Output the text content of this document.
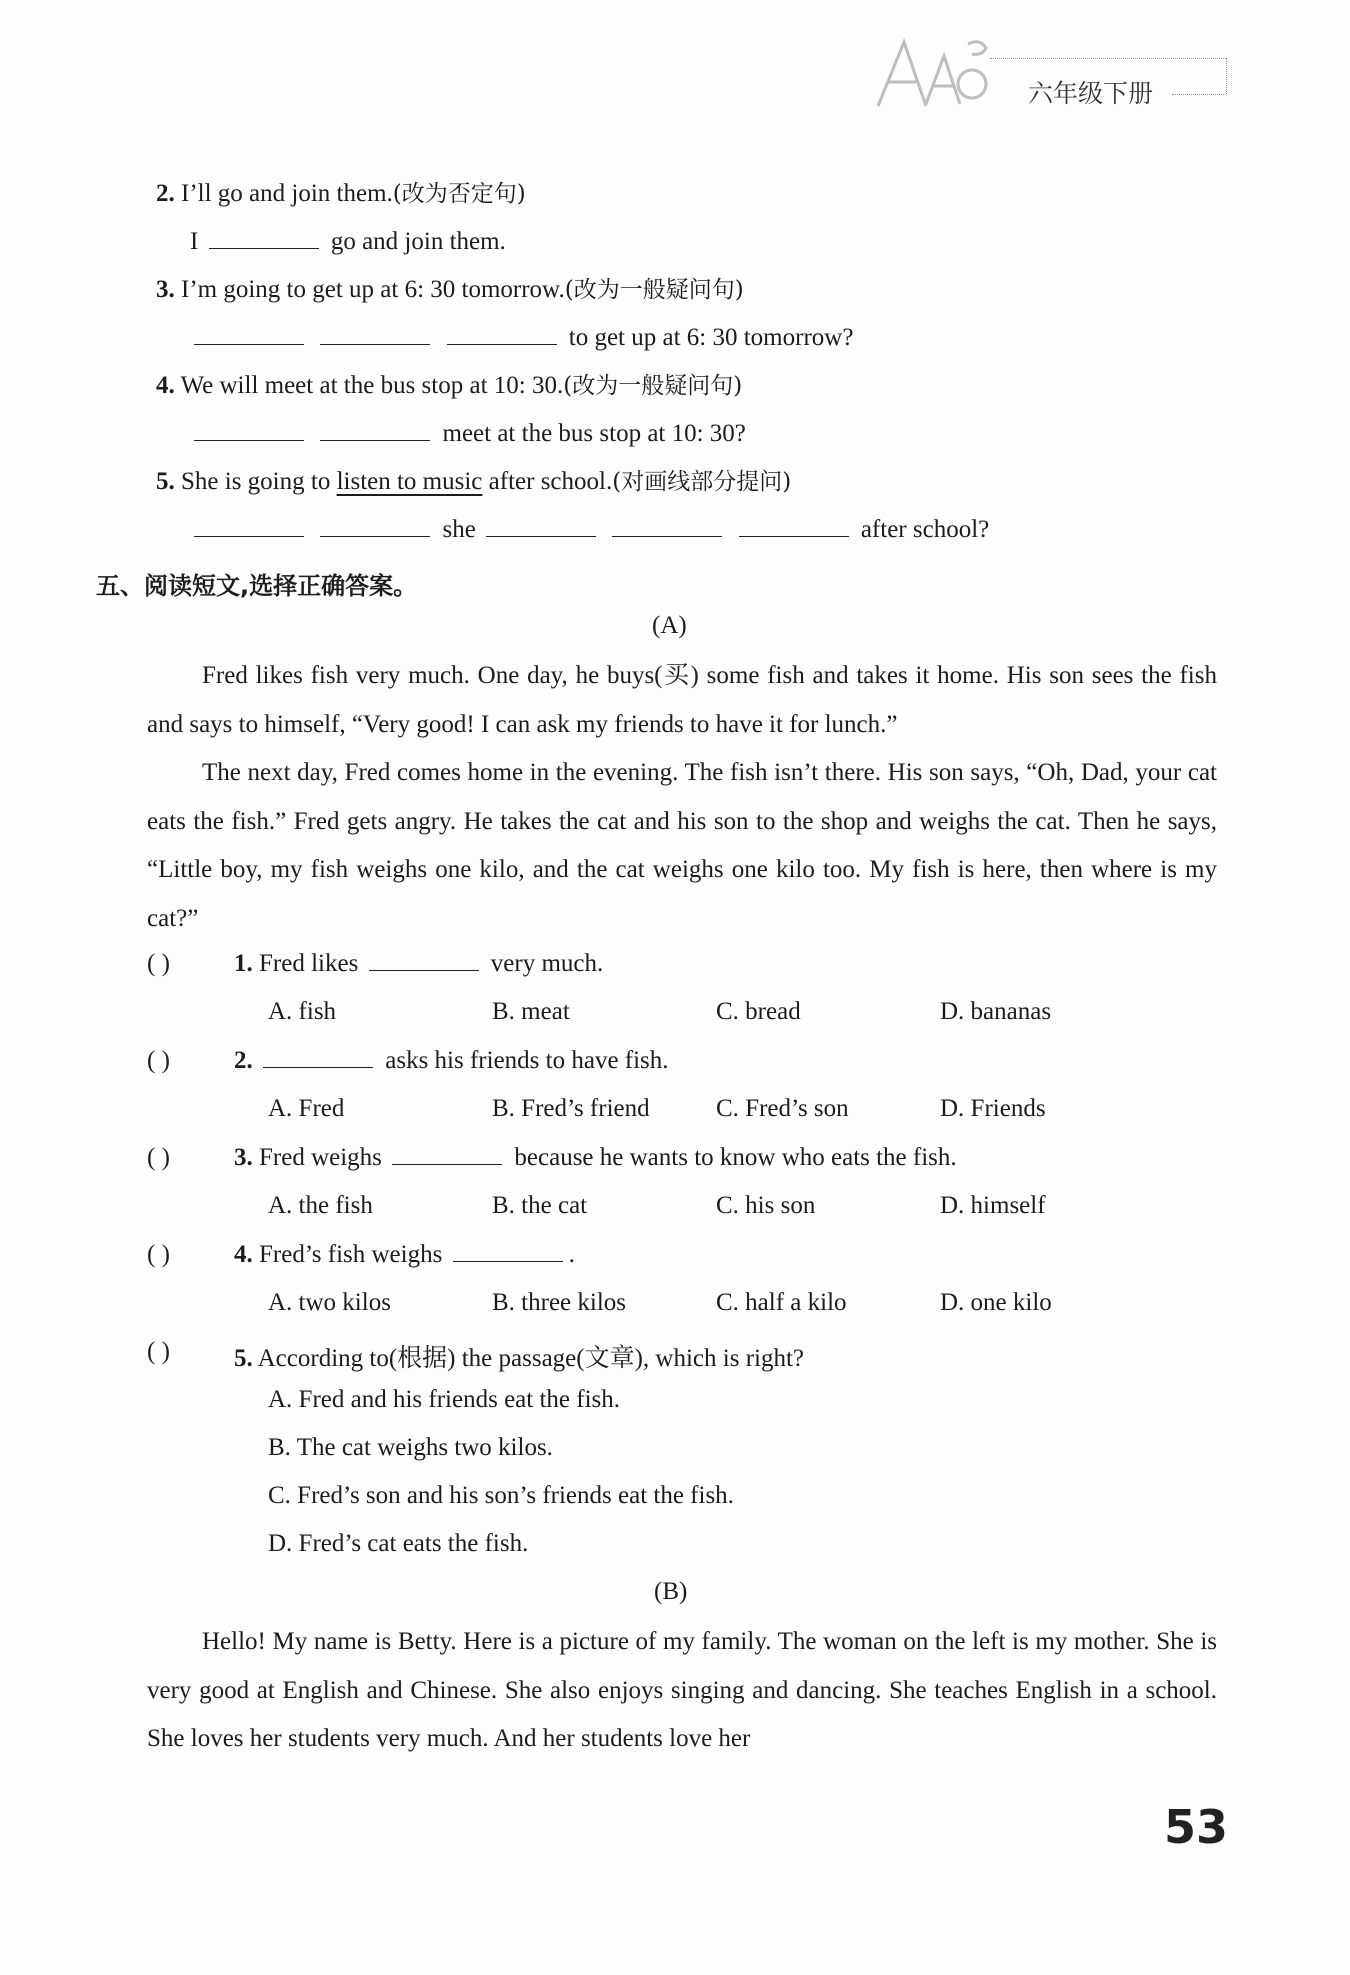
六年级下册
2. I’ll go and join them.(改为否定句)
I	go and join them.
3. I’m going to get up at 6: 30 tomorrow.(改为一般疑问句)
to get up at 6: 30 tomorrow?
4. We will meet at the bus stop at 10: 30.(改为一般疑问句)
meet at the bus stop at 10: 30?
5. She is going to listen to music after school.(对画线部分提问)
she	after school?
五、阅读短文,选择正确答案。
(A)

Fred likes fish very much. One day, he buys(买) some fish and takes it home. His son sees the fish and says to himself, “Very good! I can ask my friends to have it for lunch.”

The next day, Fred comes home in the evening. The fish isn’t there. His son says, “Oh, Dad, your cat eats the fish.” Fred gets angry. He takes the cat and his son to the shop and weighs the cat. Then he says, “Little boy, my fish weighs one kilo, and the cat weighs one kilo too. My fish is here, then where is my cat?”

( )	1. Fred likes	very much.
A. fish	B. meat	C. bread	D. bananas
( )	2.	asks his friends to have fish.
A. Fred	B. Fred’s friend	C. Fred’s son	D. Friends
( )	3. Fred weighs	because he wants to know who eats the fish.
A. the fish	B. the cat	C. his son	D. himself
( )	4. Fred’s fish weighs	.
A. two kilos	B. three kilos	C. half a kilo	D. one kilo
( )	5. According to(根据) the passage(文章), which is right?
A. Fred and his friends eat the fish.
B. The cat weighs two kilos.
C. Fred’s son and his son’s friends eat the fish.
D. Fred’s cat eats the fish.
(B)

Hello! My name is Betty. Here is a picture of my family. The woman on the left is my mother. She is very good at English and Chinese. She also enjoys singing and dancing. She teaches English in a school. She loves her students very much. And her students love her

53
